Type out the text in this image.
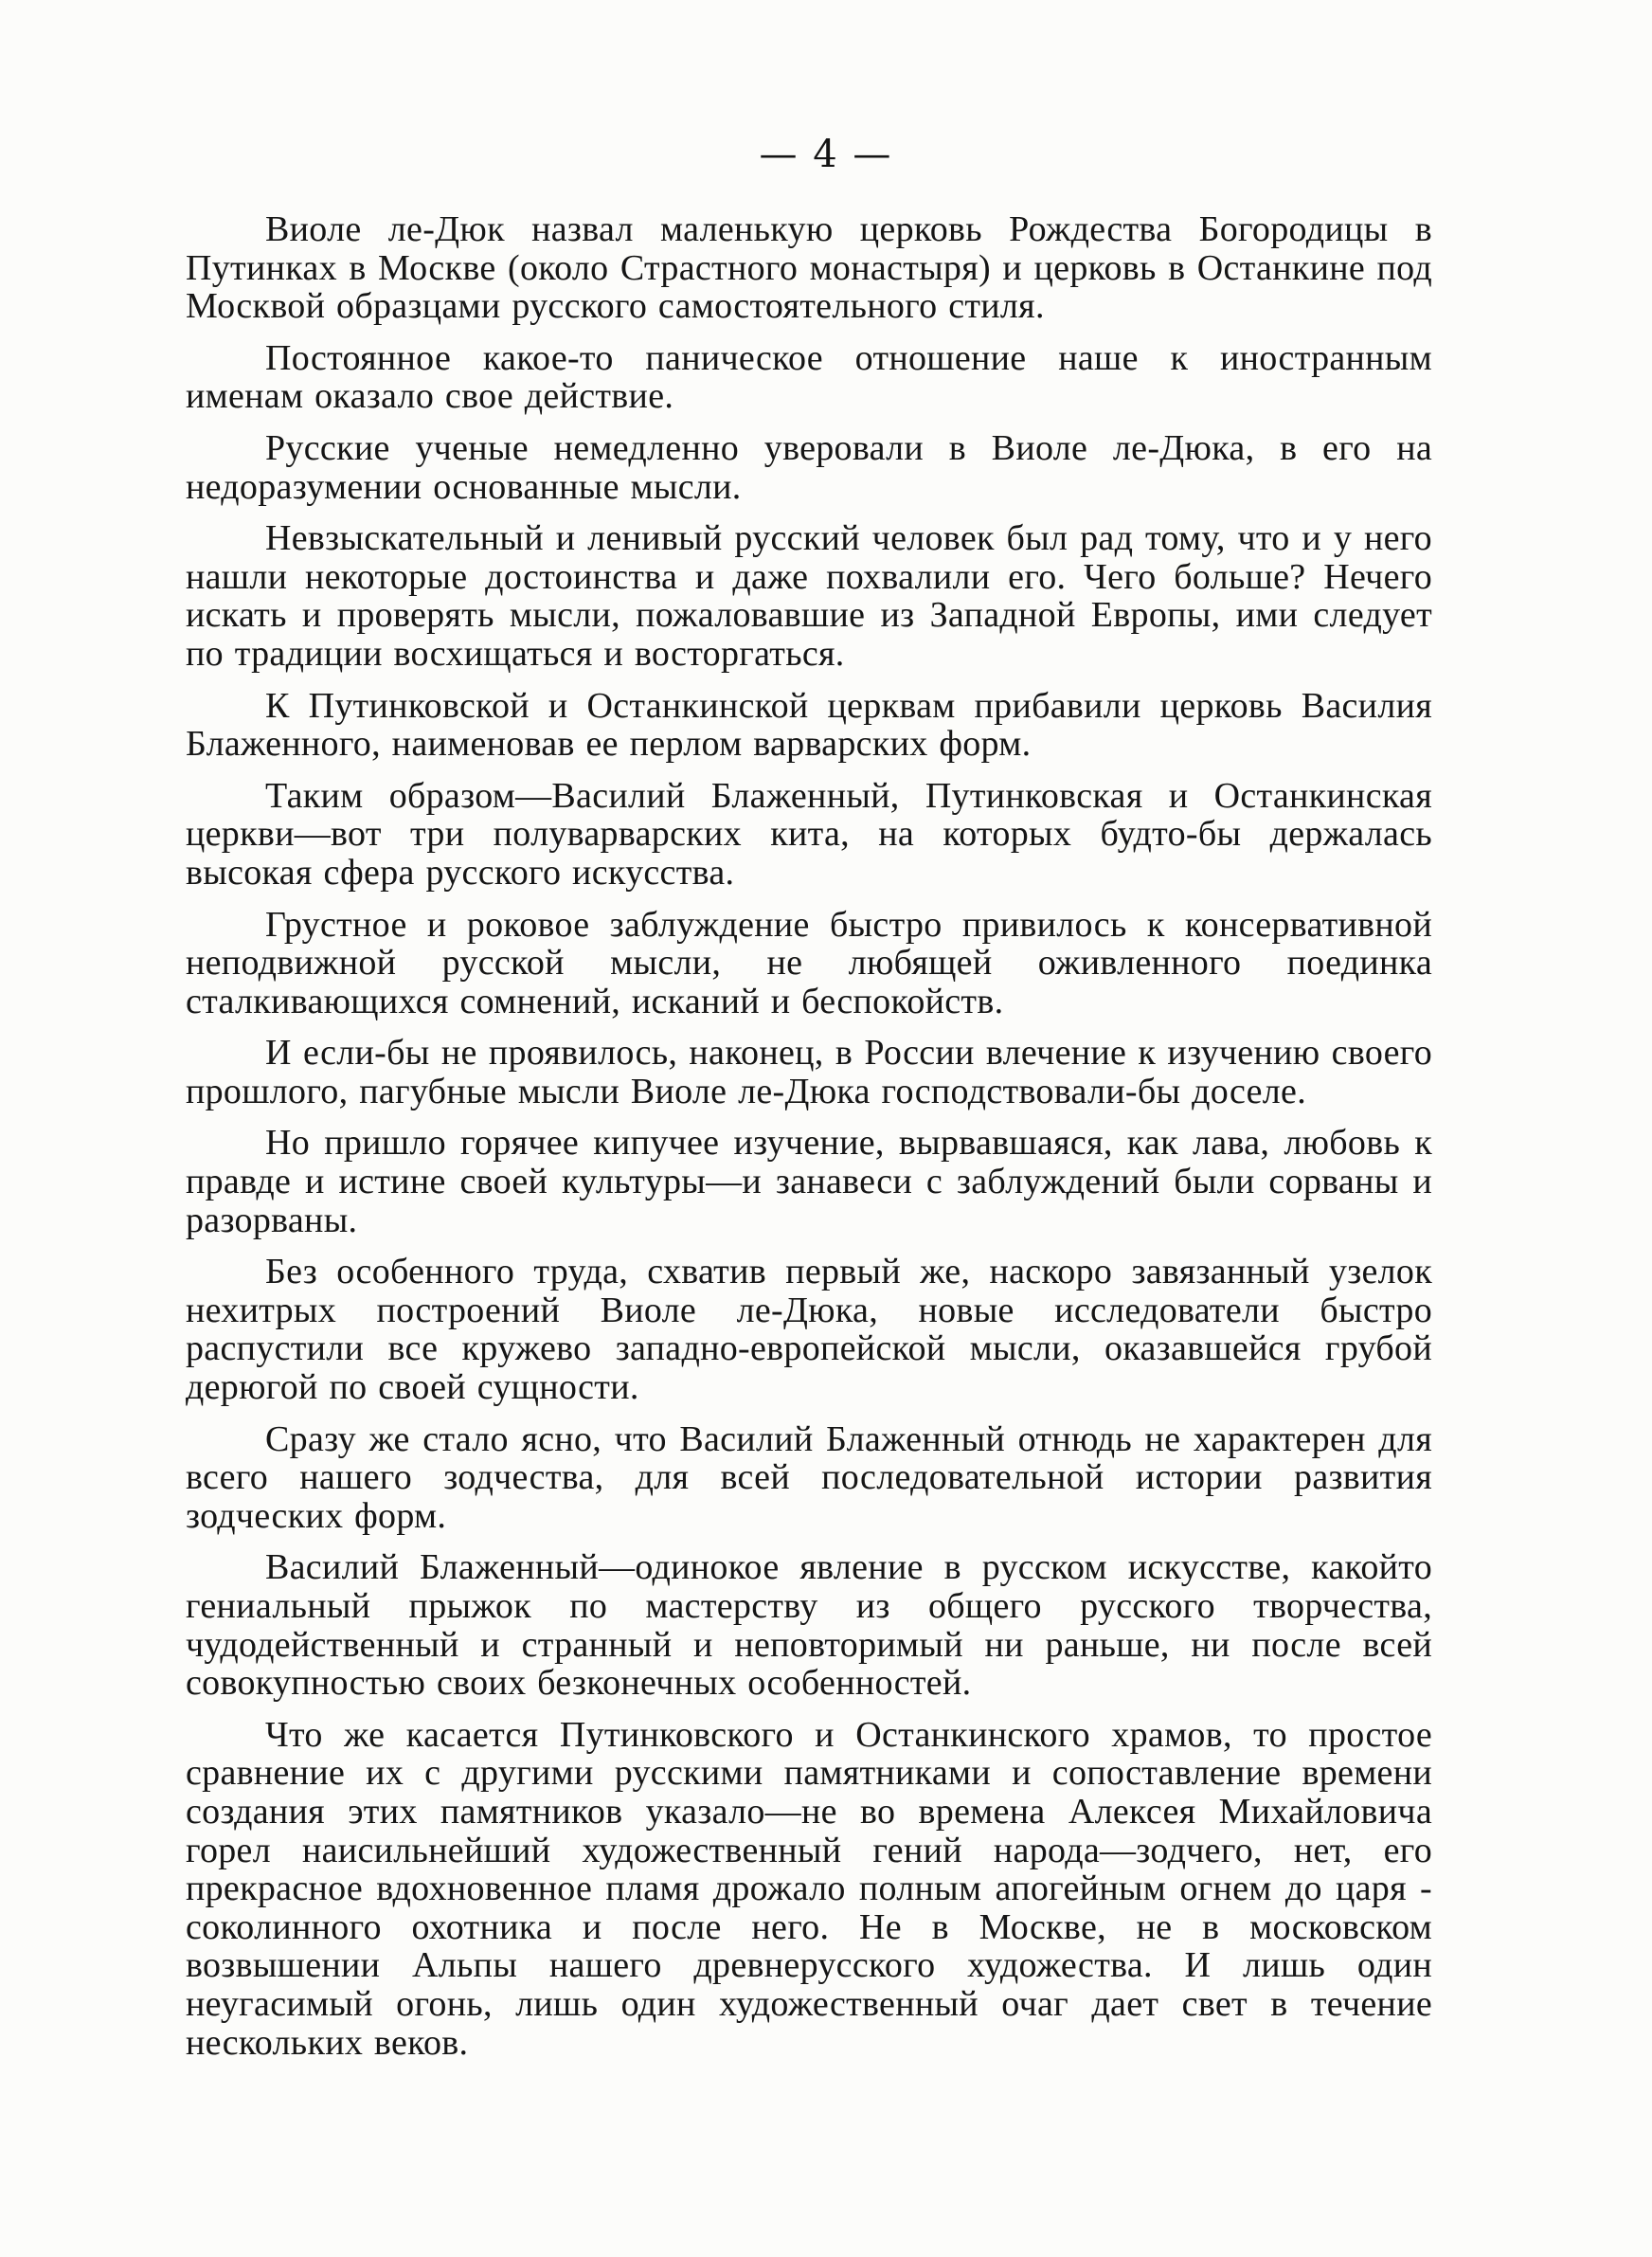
— 4 —

Виоле ле-Дюк назвал маленькую церковь Рождества Богородицы в Путинках в Москве (около Страстного монастыря) и церковь в Останкине под Москвой образцами русского самостоятельного стиля.

Постоянное какое-то паническое отношение наше к иностранным именам оказало свое действие.

Русские ученые немедленно уверовали в Виоле ле-Дюка, в его на недоразумении основанные мысли.

Невзыскательный и ленивый русский человек был рад тому, что и у него нашли некоторые достоинства и даже похвалили его. Чего больше? Нечего искать и проверять мысли, пожаловавшие из Западной Европы, ими следует по традиции восхищаться и восторгаться.

К Путинковской и Останкинской церквам прибавили церковь Василия Блаженного, наименовав ее перлом варварских форм.

Таким образом—Василий Блаженный, Путинковская и Останкинская церкви—вот три полуварварских кита, на которых будто-бы держалась высокая сфера русского искусства.

Грустное и роковое заблуждение быстро привилось к консервативной неподвижной русской мысли, не любящей оживленного поединка сталкивающихся сомнений, исканий и беспокойств.

И если-бы не проявилось, наконец, в России влечение к изучению своего прошлого, пагубные мысли Виоле ле-Дюка господствовали-бы доселе.

Но пришло горячее кипучее изучение, вырвавшаяся, как лава, любовь к правде и истине своей культуры—и занавеси с заблуждений были сорваны и разорваны.

Без особенного труда, схватив первый же, наскоро завязанный узелок нехитрых построений Виоле ле-Дюка, новые исследователи быстро распустили все кружево западно-европейской мысли, оказавшейся грубой дерюгой по своей сущности.

Сразу же стало ясно, что Василий Блаженный отнюдь не характерен для всего нашего зодчества, для всей последовательной истории развития зодческих форм.

Василий Блаженный—одинокое явление в русском искусстве, какойто гениальный прыжок по мастерству из общего русского творчества, чудодейственный и странный и неповторимый ни раньше, ни после всей совокупностью своих безконечных особенностей.

Что же касается Путинковского и Останкинского храмов, то простое сравнение их с другими русскими памятниками и сопоставление времени создания этих памятников указало—не во времена Алексея Михайловича горел наисильнейший художественный гений народа—зодчего, нет, его прекрасное вдохновенное пламя дрожало полным апогейным огнем до царя - соколинного охотника и после него. Не в Москве, не в московском возвышении Альпы нашего древнерусского художества. И лишь один неугасимый огонь, лишь один художественный очаг дает свет в течение нескольких веков.
